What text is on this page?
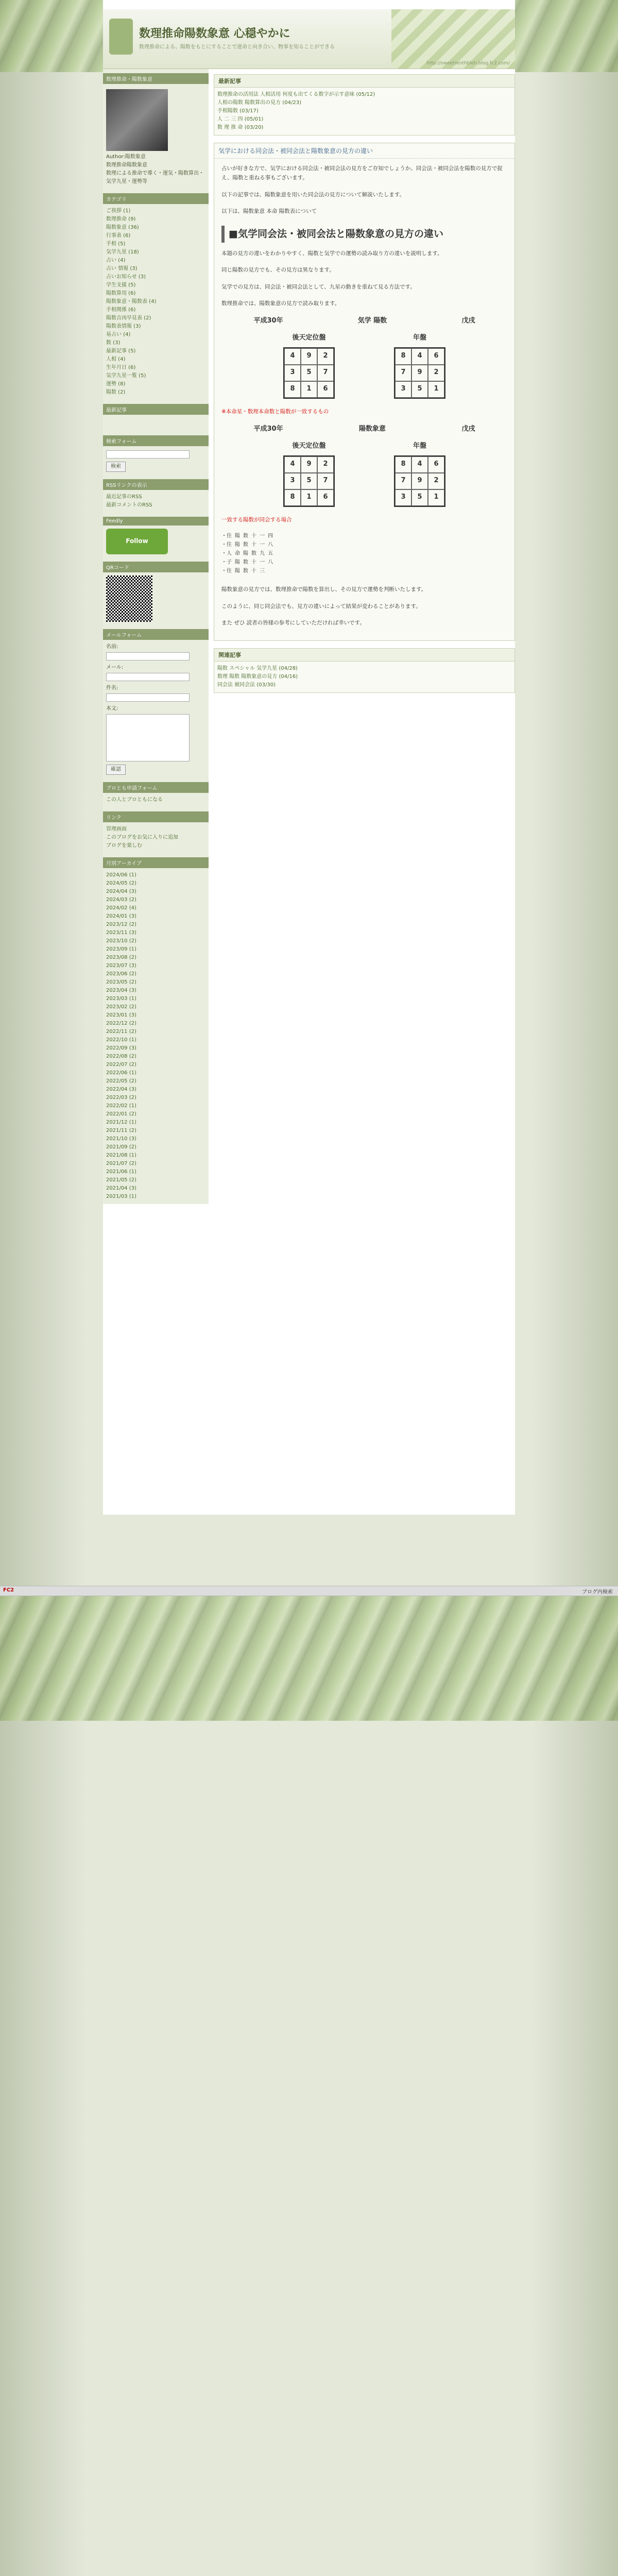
数理推命陽数象意 心穏やかに
数理推命による、陽数をもとにすることで運命と向き合い、物事を知ることができる
http://sweetrenthbleh.blog.fc2.com/
数理推命・陽数象意
Author:陽数象意
数理推命陽数象意
数理による推命で導く・運気・陽数算出・気学九星・運勢等
カテゴリ
ご挨拶 (1)
数理推命 (9)
陽数象意 (36)
行事表 (6)
手相 (5)
気学九星 (18)
占い (4)
占い 情報 (3)
占いお知らせ (3)
学生支援 (5)
陽数算用 (6)
陽数象意・陽数表 (4)
手相関係 (6)
陽数吉凶早見表 (2)
陽数表情報 (3)
易占い (4)
数 (3)
最新記事 (5)
人相 (4)
生年月日 (6)
気学九星一覧 (5)
運勢 (8)
陽数 (2)
最新記事
検索フォーム
検索
RSSリンクの表示
最近記事のRSS
最新コメントのRSS
Feedly
Follow
QRコード
メールフォーム
名前:
メール:
件名:
本文:
確認
ブロとも申請フォーム
この人とブロともになる
リンク
管理画面
このブログをお気に入りに追加
ブログを楽しむ
月別アーカイブ
2024/06 (1)
2024/05 (2)
2024/04 (3)
2024/03 (2)
2024/02 (4)
2024/01 (3)
2023/12 (2)
2023/11 (3)
2023/10 (2)
2023/09 (1)
2023/08 (2)
2023/07 (3)
2023/06 (2)
2023/05 (2)
2023/04 (3)
2023/03 (1)
2023/02 (2)
2023/01 (3)
2022/12 (2)
2022/11 (2)
2022/10 (1)
2022/09 (3)
2022/08 (2)
2022/07 (2)
2022/06 (1)
2022/05 (2)
2022/04 (3)
2022/03 (2)
2022/02 (1)
2022/01 (2)
2021/12 (1)
2021/11 (2)
2021/10 (3)
2021/09 (2)
2021/08 (1)
2021/07 (2)
2021/06 (1)
2021/05 (2)
2021/04 (3)
2021/03 (1)
最新記事
数理推命の活用法 人相活用 何度も出てくる数字が示す意味 (05/12)
人相の陽数 陽数算出の見方 (04/23)
手相陽数 (03/17)
人 二 三 四 (05/01)
数 理 推 命 (03/20)
気学における同会法・被同会法と陽数象意の見方の違い

占いが好きな方で、気学における同会法・被同会法の見方をご存知でしょうか。同会法・被同会法を陽数の見方で捉え、陽数と重ねる事もございます。

以下の記事では、陽数象意を用いた同会法の見方について解説いたします。

以下は、陽数象意 本命 陽数表について

■気学同会法・被同会法と陽数象意の見方の違い

本題の見方の違いをわかりやすく、陽数と気学での運勢の読み取り方の違いを説明します。

同じ陽数の見方でも、その見方は異なります。

気学での見方は、同会法・被同会法として、九星の動きを重ねて見る方法です。

数理推命では、陽数象意の見方で読み取ります。

平成30年	気学 陽数	戊戌
後天定位盤
4	9	2
3	5	7
8	1	6
年盤
8	4	6
7	9	2
3	5	1

※本命星・数理本命数と陽数が一致するもの

平成30年	陽数象意	戊戌
後天定位盤
4	9	2
3	5	7
8	1	6
年盤
8	4	6
7	9	2
3	5	1

一致する陽数が同会する場合

・住 陽 数 十 一 四
・住 陽 数 十 一 八
・人 命 陽 数 九 五
・子 陽 数 十 一 八
・住 陽 数 十 三

陽数象意の見方では、数理推命で陽数を算出し、その見方で運勢を判断いたします。

このように、同じ同会法でも、見方の違いによって結果が変わることがあります。

また ぜひ 読者の皆様の参考にしていただければ幸いです。

関連記事
陽数 スペシャル 気学九星 (04/28)
数理 陽数 陽数象意の見方 (04/16)
同会法 被同会法 (03/30)
FC2	ブログ内検索
